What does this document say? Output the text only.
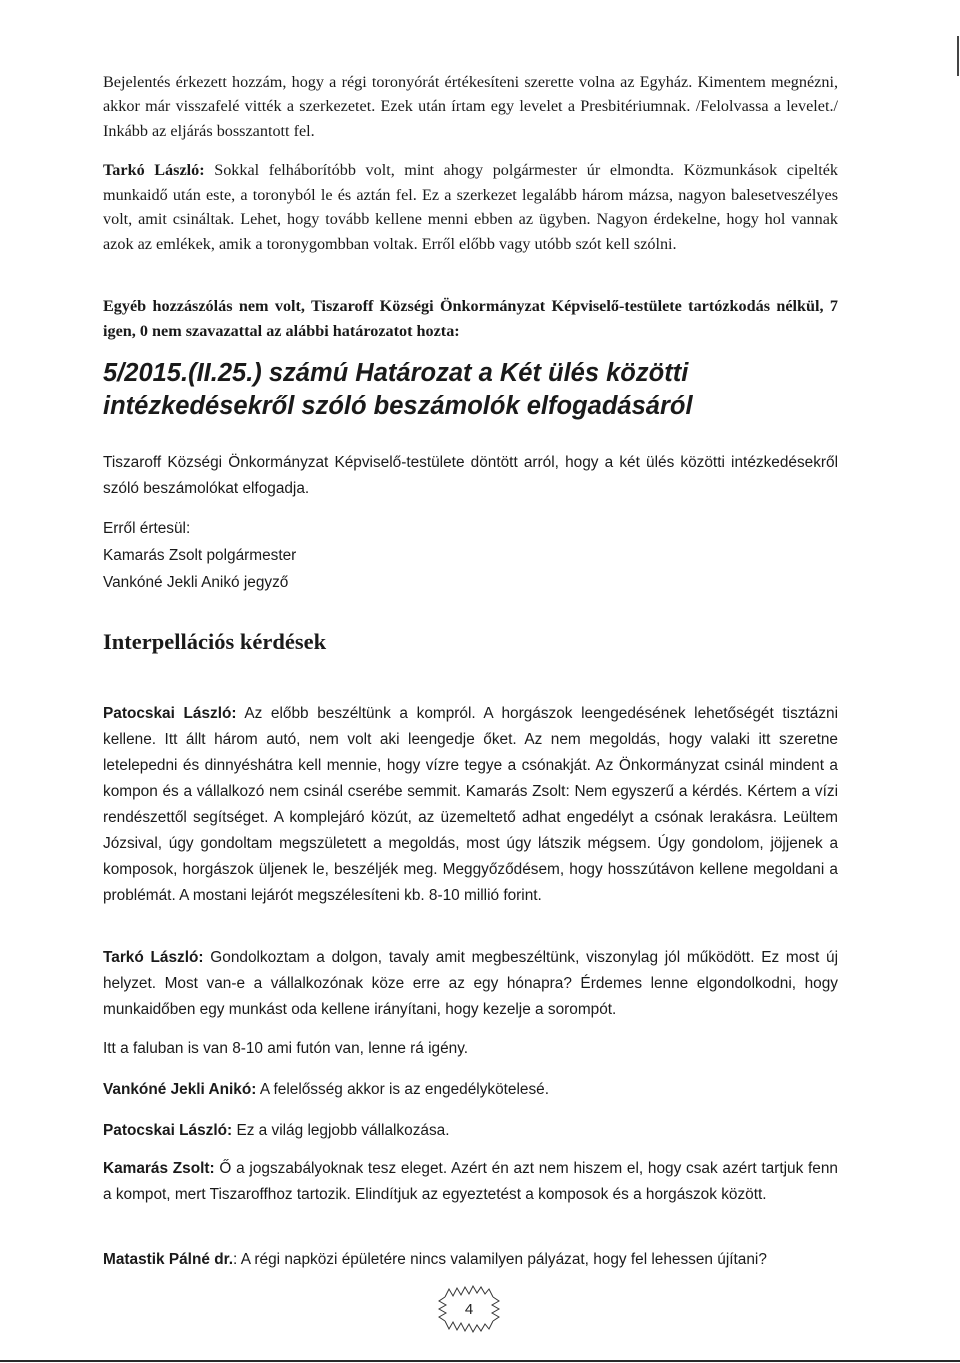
Bejelentés érkezett hozzám, hogy a régi toronyórát értékesíteni szerette volna az Egyház. Kimentem megnézni, akkor már visszafelé vitték a szerkezetet. Ezek után írtam egy levelet a Presbitériumnak. /Felolvassa a levelet./ Inkább az eljárás bosszantott fel.

Tarkó László: Sokkal felháborítóbb volt, mint ahogy polgármester úr elmondta. Közmunkások cipelték munkaidő után este, a toronyból le és aztán fel. Ez a szerkezet legalább három mázsa, nagyon balesetveszélyes volt, amit csináltak. Lehet, hogy tovább kellene menni ebben az ügyben. Nagyon érdekelne, hogy hol vannak azok az emlékek, amik a toronygombban voltak. Erről előbb vagy utóbb szót kell szólni.

Egyéb hozzászólás nem volt, Tiszaroff Községi Önkormányzat Képviselő-testülete tartózkodás nélkül, 7 igen, 0 nem szavazattal az alábbi határozatot hozta:

5/2015.(II.25.) számú Határozat a Két ülés közötti intézkedésekről szóló beszámolók elfogadásáról

Tiszaroff Községi Önkormányzat Képviselő-testülete döntött arról, hogy a két ülés közötti intézkedésekről szóló beszámolókat elfogadja.

Erről értesül:
Kamarás Zsolt polgármester
Vankóné Jekli Anikó jegyző
Interpellációs kérdések

Patocskai László: Az előbb beszéltünk a kompról. A horgászok leengedésének lehetőségét tisztázni kellene. Itt állt három autó, nem volt aki leengedje őket. Az nem megoldás, hogy valaki itt szeretne letelepedni és dinnyéshátra kell mennie, hogy vízre tegye a csónakját. Az Önkormányzat csinál mindent a kompon és a vállalkozó nem csinál cserébe semmit. Kamarás Zsolt: Nem egyszerű a kérdés. Kértem a vízi rendészettől segítséget. A komplejáró közút, az üzemeltető adhat engedélyt a csónak lerakásra. Leültem Józsival, úgy gondoltam megszületett a megoldás, most úgy látszik mégsem. Úgy gondolom, jöjjenek a komposok, horgászok üljenek le, beszéljék meg. Meggyőződésem, hogy hosszútávon kellene megoldani a problémát. A mostani lejárót megszélesíteni kb. 8-10 millió forint.

Tarkó László: Gondolkoztam a dolgon, tavaly amit megbeszéltünk, viszonylag jól működött. Ez most új helyzet. Most van-e a vállalkozónak köze erre az egy hónapra? Érdemes lenne elgondolkodni, hogy munkaidőben egy munkást oda kellene irányítani, hogy kezelje a sorompót.

Itt a faluban is van 8-10 ami futón van, lenne rá igény.

Vankóné Jekli Anikó: A felelősség akkor is az engedélykötelesé.

Patocskai László: Ez a világ legjobb vállalkozása.

Kamarás Zsolt: Ő a jogszabályoknak tesz eleget. Azért én azt nem hiszem el, hogy csak azért tartjuk fenn a kompot, mert Tiszaroffhoz tartozik. Elindítjuk az egyeztetést a komposok és a horgászok között.

Matastik Pálné dr.: A régi napközi épületére nincs valamilyen pályázat, hogy fel lehessen újítani?

4
